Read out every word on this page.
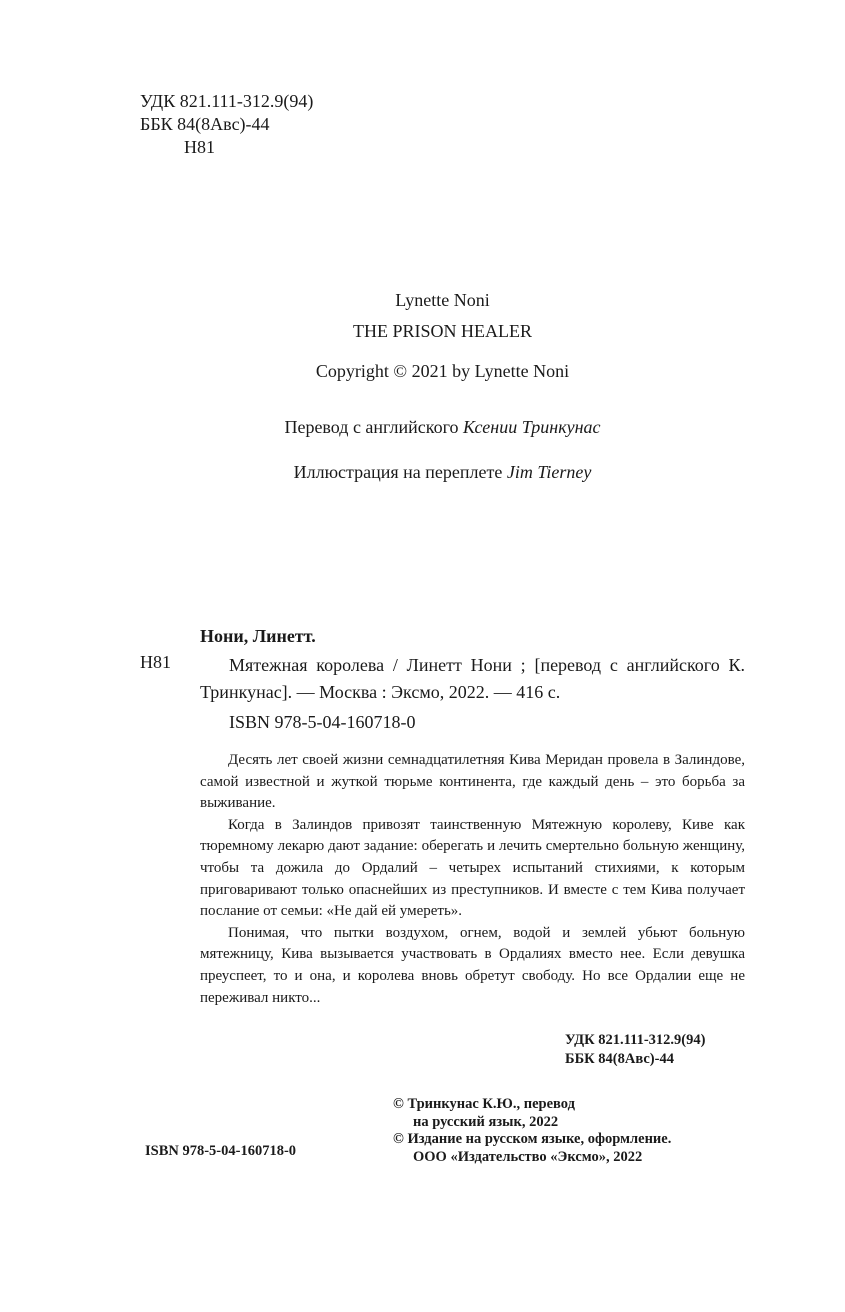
УДК 821.111-312.9(94)
ББК 84(8Авс)-44
Н81
Lynette Noni
THE PRISON HEALER
Copyright © 2021 by Lynette Noni
Перевод с английского Ксении Тринкунас
Иллюстрация на переплете Jim Tierney
Нони, Линетт.
Н81	Мятежная королева / Линетт Нони ; [перевод с английского К. Тринкунас]. — Москва : Эксмо, 2022. — 416 с.
ISBN 978-5-04-160718-0

Десять лет своей жизни семнадцатилетняя Кива Меридан провела в Залиндове, самой известной и жуткой тюрьме континента, где каждый день – это борьба за выживание.

Когда в Залиндов привозят таинственную Мятежную королеву, Киве как тюремному лекарю дают задание: оберегать и лечить смертельно больную женщину, чтобы та дожила до Ордалий – четырех испытаний стихиями, к которым приговаривают только опаснейших из преступников. И вместе с тем Кива получает послание от семьи: «Не дай ей умереть».

Понимая, что пытки воздухом, огнем, водой и землей убьют больную мятежницу, Кива вызывается участвовать в Ордалиях вместо нее. Если девушка преуспеет, то и она, и королева вновь обретут свободу. Но все Ордалии еще не переживал никто...

УДК 821.111-312.9(94)
ББК 84(8Авс)-44
© Тринкунас К.Ю., перевод
на русский язык, 2022
© Издание на русском языке, оформление.
ООО «Издательство «Эксмо», 2022
ISBN 978-5-04-160718-0
